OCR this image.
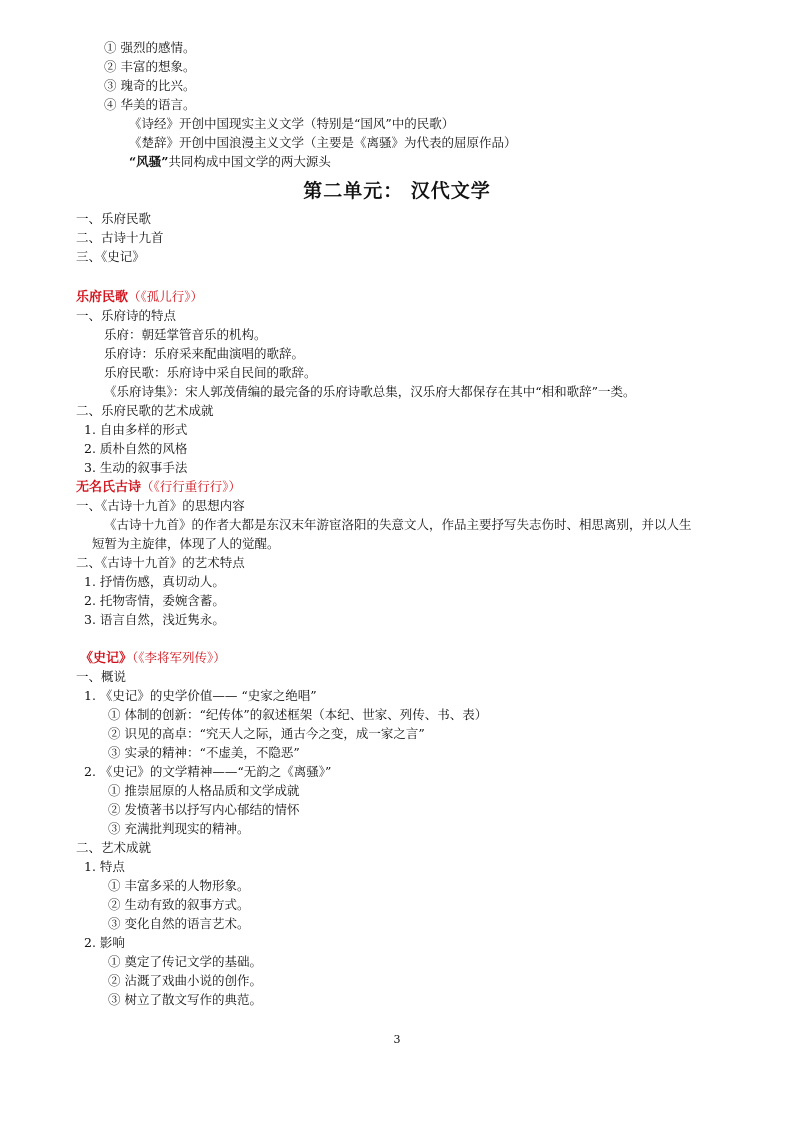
① 强烈的感情。
② 丰富的想象。
③ 瑰奇的比兴。
④ 华美的语言。
《诗经》开创中国现实主义文学（特别是“国风”中的民歌）
《楚辞》开创中国浪漫主义文学（主要是《离骚》为代表的屈原作品）
“风骚”共同构成中国文学的两大源头
第二单元： 汉代文学
一、乐府民歌
二、古诗十九首
三、《史记》
乐府民歌（《孤儿行》）
一、乐府诗的特点
乐府：朝廷掌管音乐的机构。
乐府诗：乐府采来配曲演唱的歌辞。
乐府民歌：乐府诗中采自民间的歌辞。
《乐府诗集》：宋人郭茂倩编的最完备的乐府诗歌总集，汉乐府大都保存在其中“相和歌辞”一类。
二、乐府民歌的艺术成就
1. 自由多样的形式
2. 质朴自然的风格
3. 生动的叙事手法
无名氏古诗（《行行重行行》）
一、《古诗十九首》的思想内容
《古诗十九首》的作者大都是东汉末年游宦洛阳的失意文人，作品主要抒写失志伤时、相思离别，并以人生
短暂为主旋律，体现了人的觉醒。
二、《古诗十九首》的艺术特点
1. 抒情伤感，真切动人。
2. 托物寄情，委婉含蓄。
3. 语言自然，浅近隽永。
《史记》（《李将军列传》）
一、概说
1. 《史记》的史学价值—— “史家之绝唱”
① 体制的创新：“纪传体”的叙述框架（本纪、世家、列传、书、表）
② 识见的高卓：“究天人之际，通古今之变，成一家之言”
③ 实录的精神：“不虚美，不隐恶”
2. 《史记》的文学精神——“无韵之《离骚》”
① 推崇屈原的人格品质和文学成就
② 发愤著书以抒写内心郁结的情怀
③ 充满批判现实的精神。
二、艺术成就
1. 特点
① 丰富多采的人物形象。
② 生动有致的叙事方式。
③ 变化自然的语言艺术。
2. 影响
① 奠定了传记文学的基础。
② 沾溉了戏曲小说的创作。
③ 树立了散文写作的典范。
3
